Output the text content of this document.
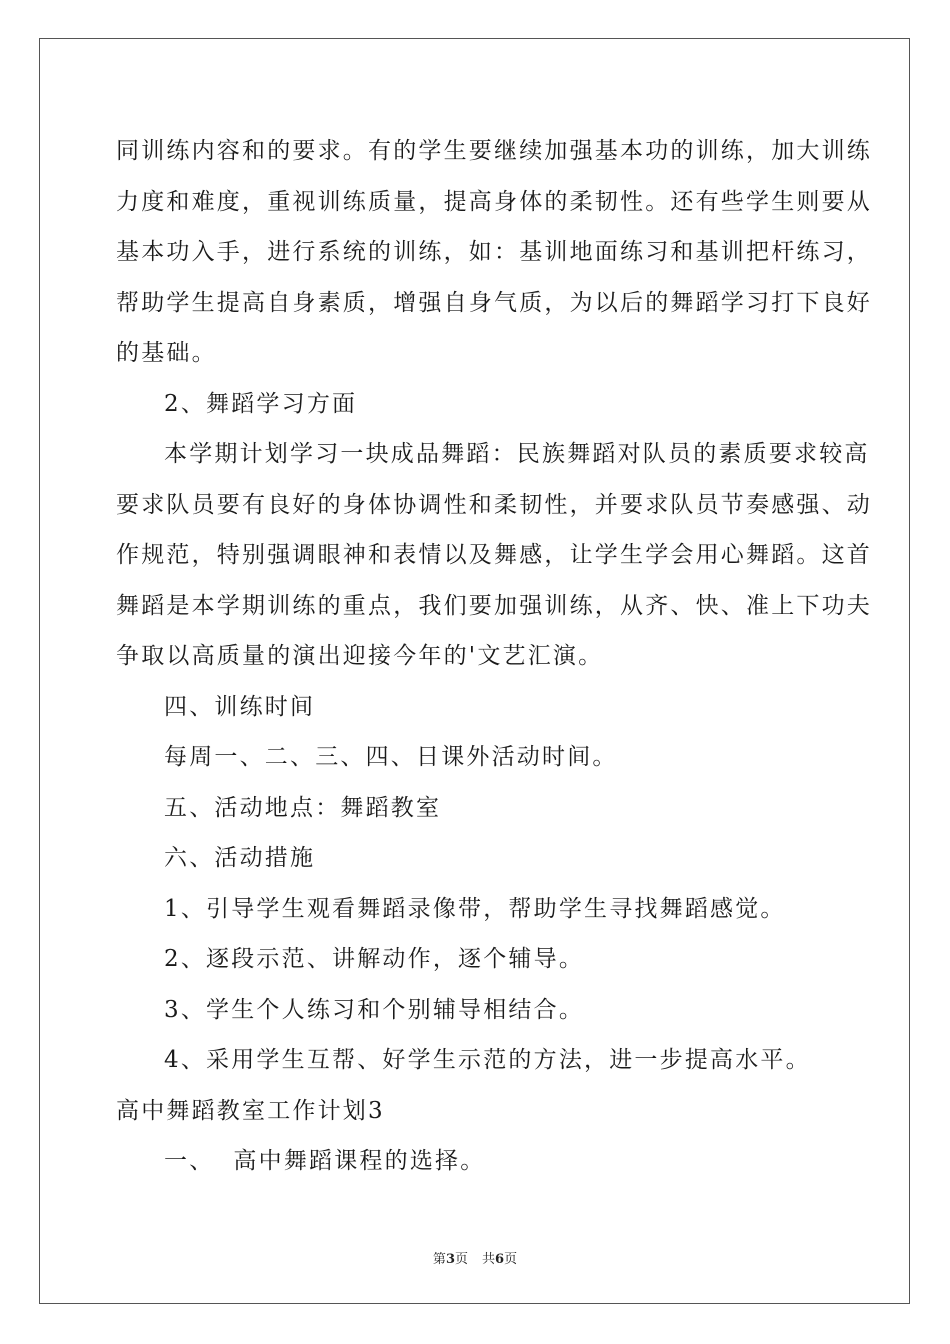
同训练内容和的要求。有的学生要继续加强基本功的训练，加大训练
力度和难度，重视训练质量，提高身体的柔韧性。还有些学生则要从
基本功入手，进行系统的训练，如：基训地面练习和基训把杆练习，
帮助学生提高自身素质，增强自身气质，为以后的舞蹈学习打下良好
的基础。
2、舞蹈学习方面
本学期计划学习一块成品舞蹈：民族舞蹈对队员的素质要求较高
要求队员要有良好的身体协调性和柔韧性，并要求队员节奏感强、动
作规范，特别强调眼神和表情以及舞感，让学生学会用心舞蹈。这首
舞蹈是本学期训练的重点，我们要加强训练，从齐、快、准上下功夫
争取以高质量的演出迎接今年的'文艺汇演。
四、训练时间
每周一、二、三、四、日课外活动时间。
五、活动地点：舞蹈教室
六、活动措施
1、引导学生观看舞蹈录像带，帮助学生寻找舞蹈感觉。
2、逐段示范、讲解动作，逐个辅导。
3、学生个人练习和个别辅导相结合。
4、采用学生互帮、好学生示范的方法，进一步提高水平。
高中舞蹈教室工作计划3
一、  高中舞蹈课程的选择。
第3页 共6页
